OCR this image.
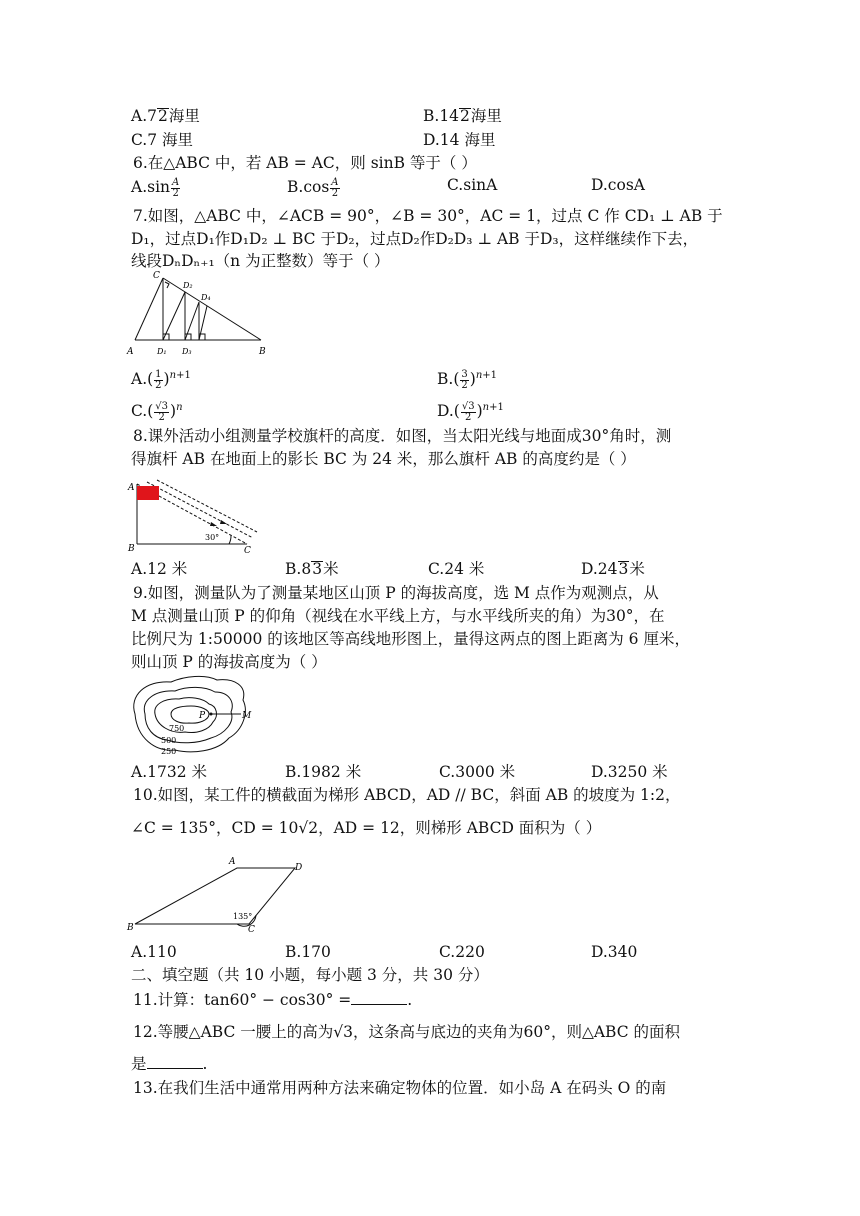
A.72海里	B.142海里
C.7 海里	D.14 海里
6.在△ABC 中，若 AB = AC，则 sinB 等于（ ）
$A.\sin \frac{A}{2}$	$B.\cos \frac{A}{2}$	C.sinA	D.cosA
7.如图，△ABC 中，∠ACB = 90°，∠B = 30°，AC = 1，过点 C 作 CD₁ ⊥ AB 于
D₁，过点D₁作D₁D₂ ⊥ BC 于D₂，过点D₂作D₂D₃ ⊥ AB 于D₃，这样继续作下去，
线段DₙDₙ₊₁（n 为正整数）等于（ ）
A	B
C
D₁
D₂
D₃
D₄
$A.( \frac{1}{2} )^{n+1}$	$B.( \frac{3}{2} )^{n+1}$
$C.( \frac{√3}{2} )^n$	$D.( \frac{√3}{2} )^{n+1}$
8.课外活动小组测量学校旗杆的高度．如图，当太阳光线与地面成30°角时，测
得旗杆 AB 在地面上的影长 BC 为 24 米，那么旗杆 AB 的高度约是（ ）
A
B	C
30°
A.12 米	B.83米	C.24 米	D.243米
9.如图，测量队为了测量某地区山顶 P 的海拔高度，选 M 点作为观测点，从
M 点测量山顶 P 的仰角（视线在水平线上方，与水平线所夹的角）为30°，在
比例尺为 1:50000 的该地区等高线地形图上，量得这两点的图上距离为 6 厘米，
则山顶 P 的海拔高度为（ ）
P	M
750
500
250
A.1732 米	B.1982 米	C.3000 米	D.3250 米
10.如图，某工件的横截面为梯形 ABCD，AD // BC，斜面 AB 的坡度为 1:2，
∠C = 135°，CD = 10√2，AD = 12，则梯形 ABCD 面积为（ ）
B
A
D
C
135°
A.110	B.170	C.220	D.340
二、填空题（共 10 小题，每小题 3 分，共 30 分）
11.计算：tan60° − cos30° =	.
12.等腰△ABC 一腰上的高为√3，这条高与底边的夹角为60°，则△ABC 的面积
是	.
13.在我们生活中通常用两种方法来确定物体的位置．如小岛 A 在码头 O 的南
